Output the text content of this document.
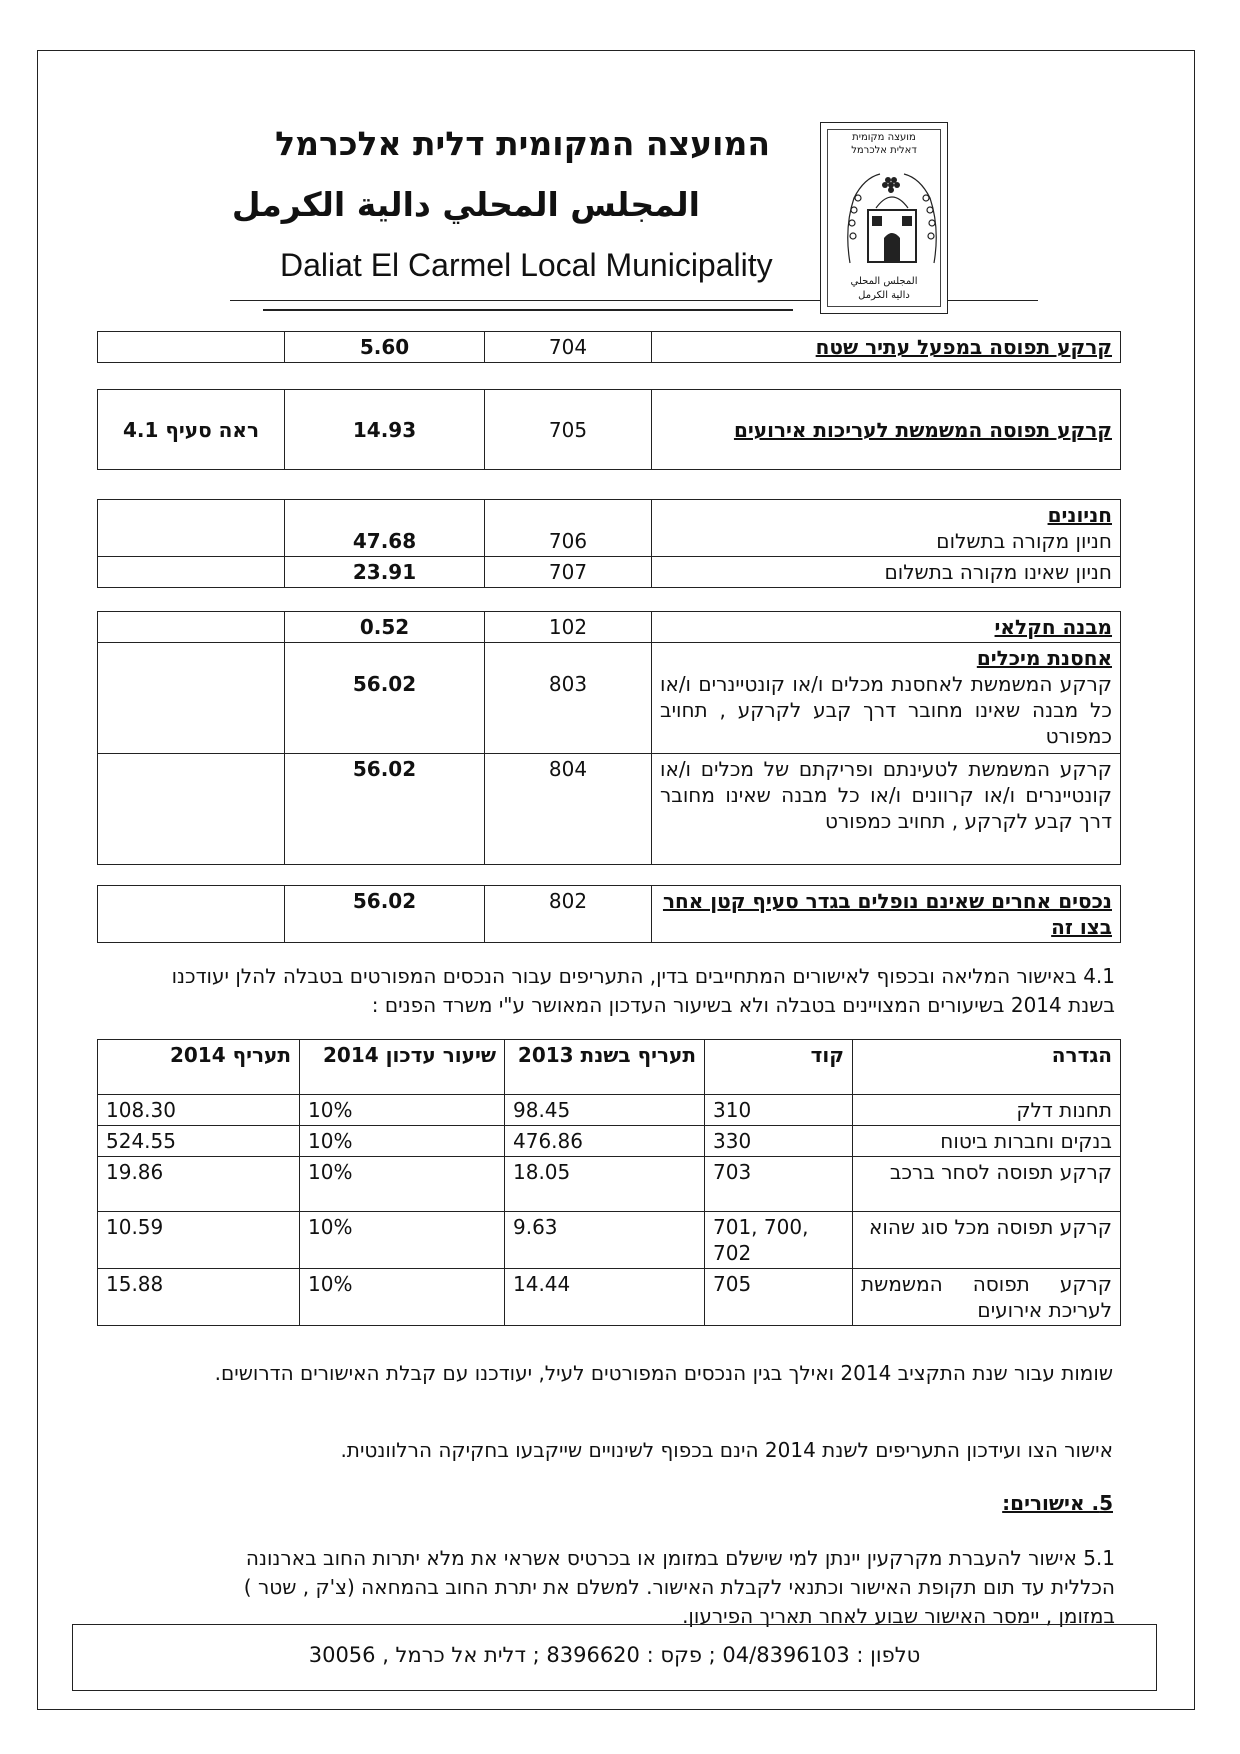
המועצה המקומית דלית אלכרמל
المجلس المحلي دالية الكرمل
Daliat El Carmel Local Municipality
מועצה מקומית
דאלית אלכרמל
المجلس المحلي
دالية الكرمل
קרקע תפוסה במפעל עתיר שטח	704	5.60	
קרקע תפוסה המשמשת לעריכות אירועים	705	14.93	ראה סעיף 4.1
חניונים
חניון מקורה בתשלום	706	47.68	
חניון שאינו מקורה בתשלום	707	23.91	
מבנה חקלאי	102	0.52	

אחסנת מיכלים
קרקע המשמשת לאחסנת מכלים ו/או קונטיינרים ו/או כל מבנה שאינו מחובר דרך קבע לקרקע , תחויב כמפורט	803	56.02	
קרקע המשמשת לטעינתם ופריקתם של מכלים ו/או קונטיינרים ו/או קרוונים ו/או כל מבנה שאינו מחובר דרך קבע לקרקע , תחויב כמפורט	804	56.02	
נכסים אחרים שאינם נופלים בגדר סעיף קטן אחר בצו זה	802	56.02	
4.1 באישור המליאה ובכפוף לאישורים המתחייבים בדין, התעריפים עבור הנכסים המפורטים בטבלה להלן יעודכנו בשנת 2014 בשיעורים המצויינים בטבלה ולא בשיעור העדכון המאושר ע"י משרד הפנים :
הגדרה	קוד	תעריף בשנת 2013	שיעור עדכון 2014	תעריף 2014
תחנות דלק	310	98.45	10%	108.30
בנקים וחברות ביטוח	330	476.86	10%	524.55
קרקע תפוסה לסחר ברכב	703	18.05	10%	19.86
קרקע תפוסה מכל סוג שהוא	701, 700, 702	9.63	10%	10.59
קרקע תפוסה המשמשת לעריכת אירועים	705	14.44	10%	15.88
שומות עבור שנת התקציב 2014 ואילך בגין הנכסים המפורטים לעיל, יעודכנו עם קבלת האישורים הדרושים.
אישור הצו ועידכון התעריפים לשנת 2014 הינם בכפוף לשינויים שייקבעו בחקיקה הרלוונטית.
5. אישורים:
5.1 אישור להעברת מקרקעין יינתן למי שישלם במזומן או בכרטיס אשראי את מלא יתרות החוב בארנונה הכללית עד תום תקופת האישור וכתנאי לקבלת האישור. למשלם את יתרת החוב בהמחאה (צ'ק , שטר ) במזומן , יימסר האישור שבוע לאחר תאריך הפירעון.
טלפון : 04/8396103 ; פקס : 8396620 ; דלית אל כרמל , 30056
